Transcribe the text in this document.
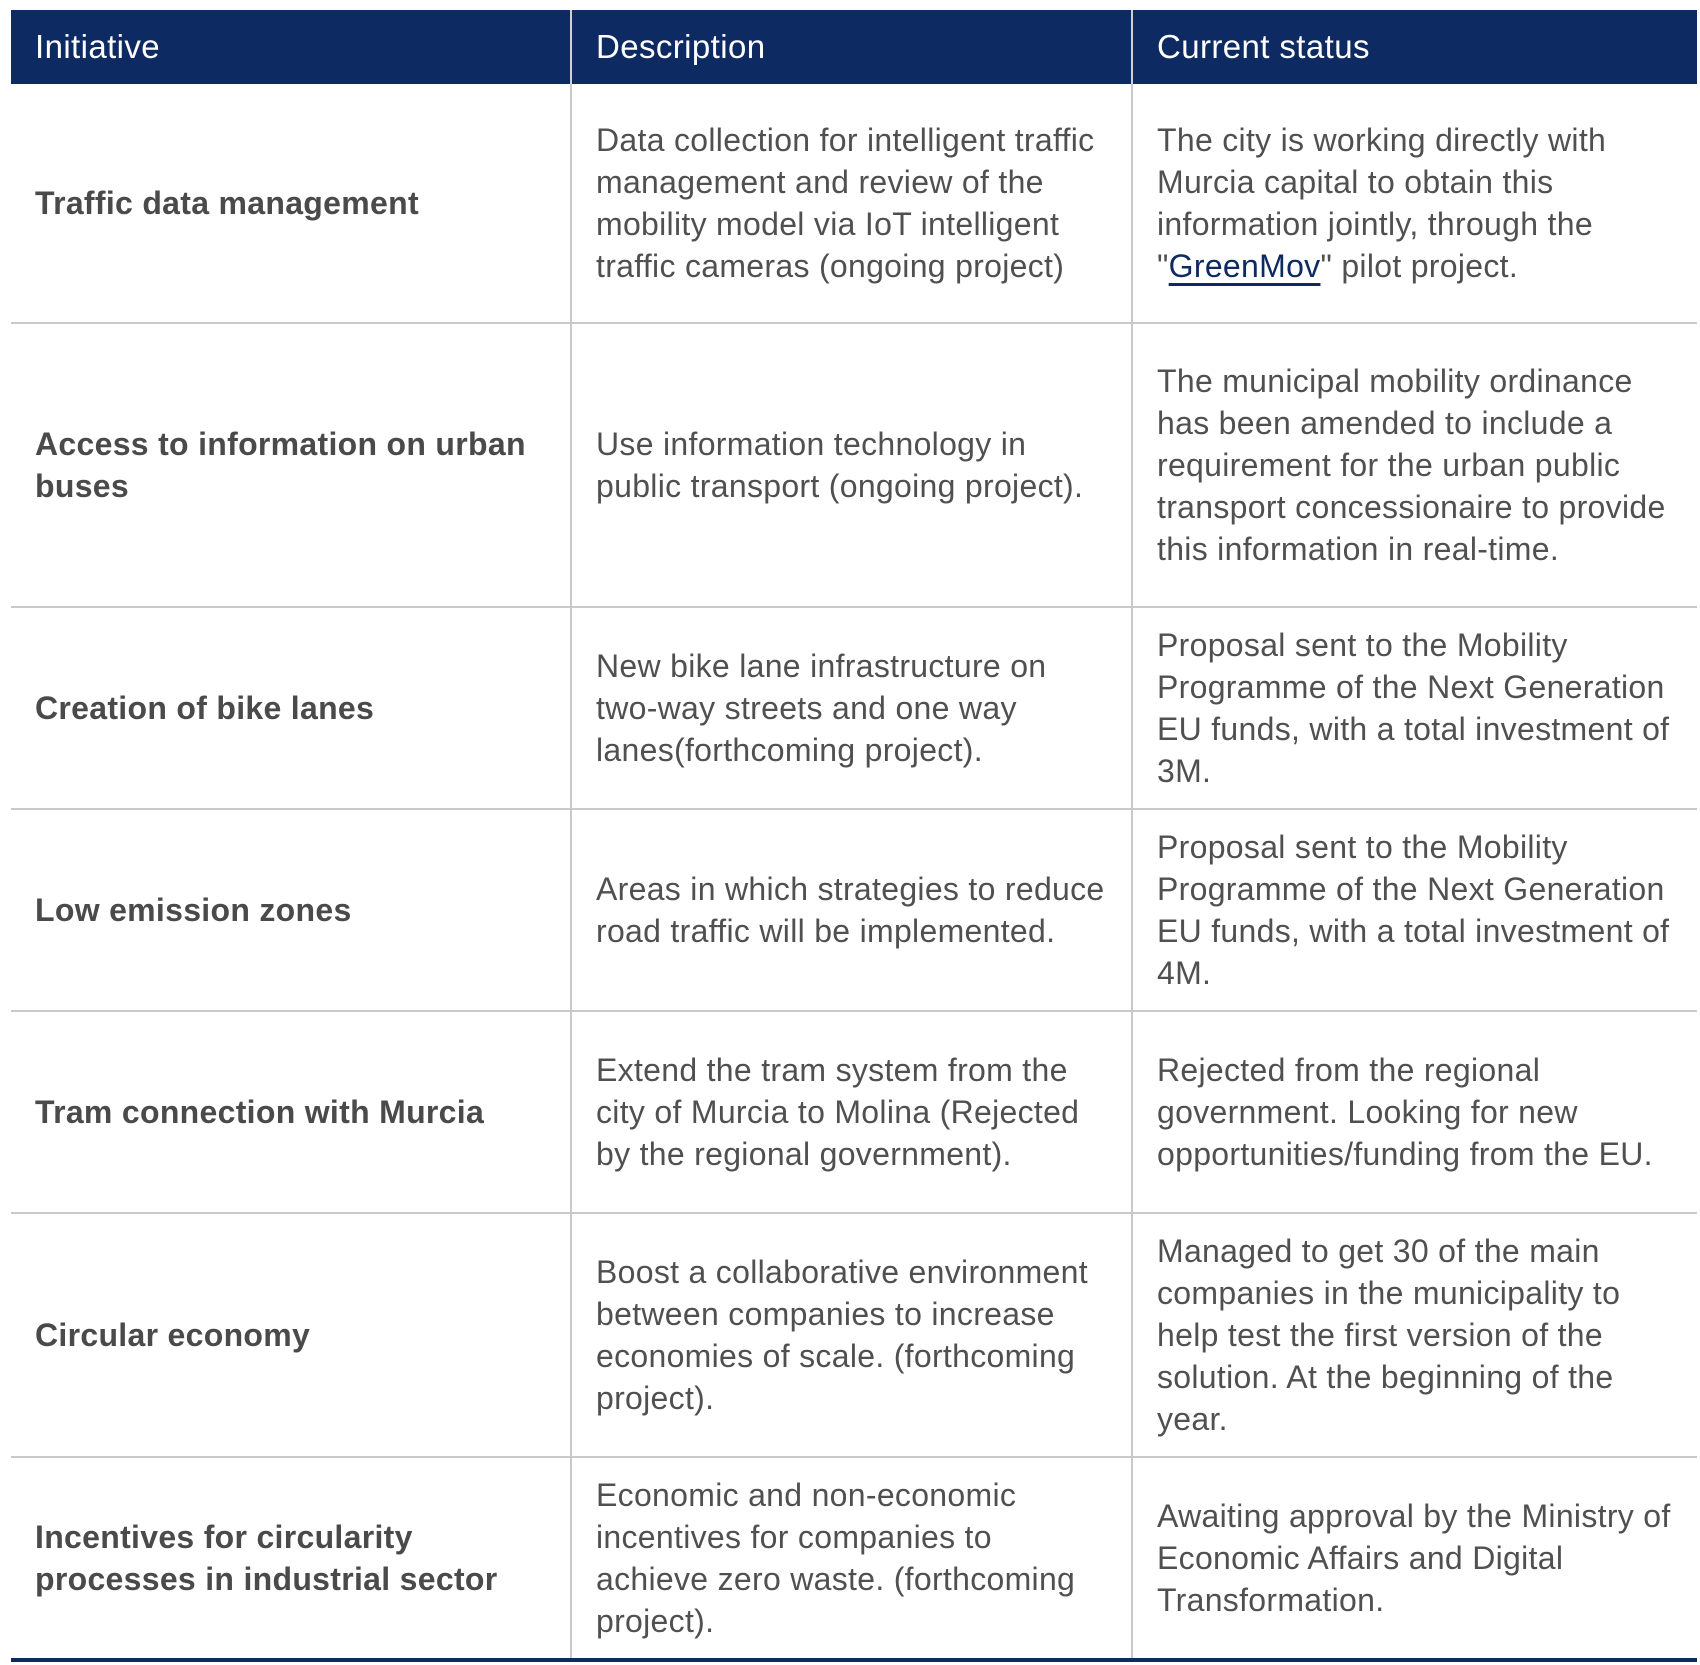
Initiative	Description	Current status
Traffic data management	Data collection for intelligent traffic management and review of the mobility model via IoT intelligent traffic cameras (ongoing project)	The city is working directly with Murcia capital to obtain this information jointly, through the "GreenMov" pilot project.
Access to information on urban buses	Use information technology in public transport (ongoing project).	The municipal mobility ordinance has been amended to include a requirement for the urban public transport concessionaire to provide this information in real-time.
Creation of bike lanes	New bike lane infrastructure on two-way streets and one way lanes(forthcoming project).	Proposal sent to the Mobility Programme of the Next Generation EU funds, with a total investment of 3M.
Low emission zones	Areas in which strategies to reduce road traffic will be implemented.	Proposal sent to the Mobility Programme of the Next Generation EU funds, with a total investment of 4M.
Tram connection with Murcia	Extend the tram system from the city of Murcia to Molina (Rejected by the regional government).	Rejected from the regional government. Looking for new opportunities/funding from the EU.
Circular economy	Boost a collaborative environment between companies to increase economies of scale. (forthcoming project).	Managed to get 30 of the main companies in the municipality to help test the first version of the solution. At the beginning of the year.
Incentives for circularity processes in industrial sector	Economic and non-economic incentives for companies to achieve zero waste. (forthcoming project).	Awaiting approval by the Ministry of Economic Affairs and Digital Transformation.
